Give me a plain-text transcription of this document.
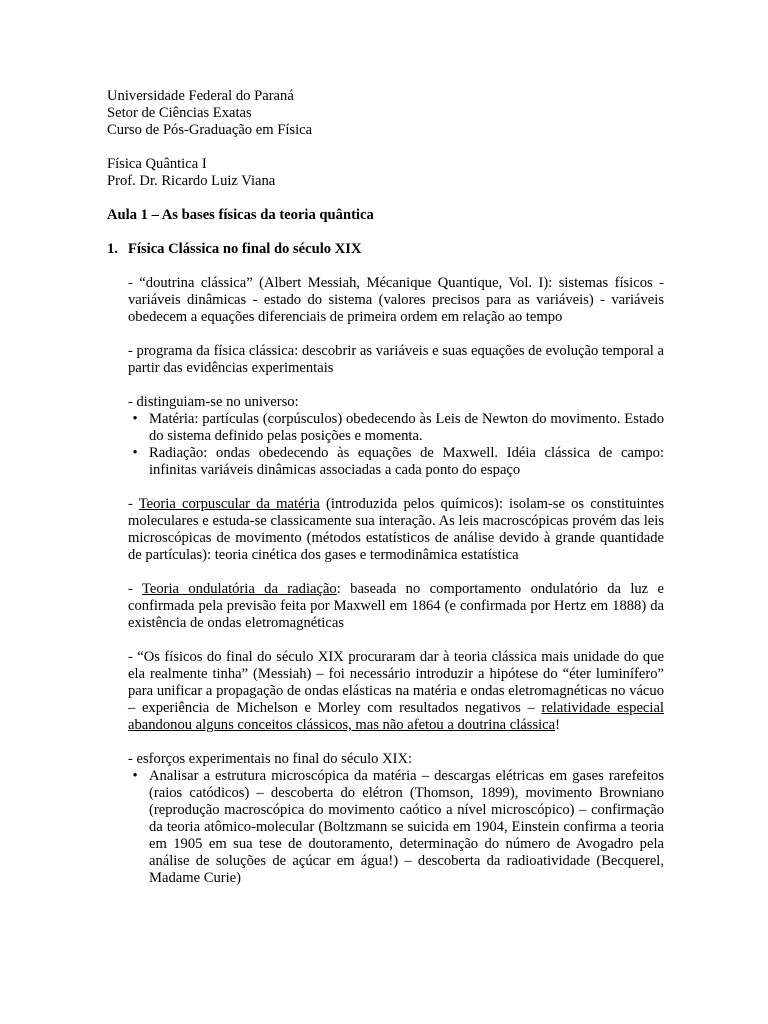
Universidade Federal do Paraná
Setor de Ciências Exatas
Curso de Pós-Graduação em Física
Física Quântica I
Prof. Dr. Ricardo Luiz Viana
Aula 1 – As bases físicas da teoria quântica
1. Física Clássica no final do século XIX

- “doutrina clássica” (Albert Messiah, Mécanique Quantique, Vol. I): sistemas físicos - variáveis dinâmicas - estado do sistema (valores precisos para as variáveis) - variáveis obedecem a equações diferenciais de primeira ordem em relação ao tempo

- programa da física clássica: descobrir as variáveis e suas equações de evolução temporal a partir das evidências experimentais

- distinguiam-se no universo:

• Matéria: partículas (corpúsculos) obedecendo às Leis de Newton do movimento. Estado do sistema definido pelas posições e momenta.
• Radiação: ondas obedecendo às equações de Maxwell. Idéia clássica de campo: infinitas variáveis dinâmicas associadas a cada ponto do espaço

- Teoria corpuscular da matéria (introduzida pelos químicos): isolam-se os constituintes moleculares e estuda-se classicamente sua interação. As leis macroscópicas provém das leis microscópicas de movimento (métodos estatísticos de análise devido à grande quantidade de partículas): teoria cinética dos gases e termodinâmica estatística

- Teoria ondulatória da radiação: baseada no comportamento ondulatório da luz e confirmada pela previsão feita por Maxwell em 1864 (e confirmada por Hertz em 1888) da existência de ondas eletromagnéticas

- “Os físicos do final do século XIX procuraram dar à teoria clássica mais unidade do que ela realmente tinha” (Messiah) – foi necessário introduzir a hipótese do “éter luminífero” para unificar a propagação de ondas elásticas na matéria e ondas eletromagnéticas no vácuo – experiência de Michelson e Morley com resultados negativos – relatividade especial abandonou alguns conceitos clássicos, mas não afetou a doutrina clássica!

- esforços experimentais no final do século XIX:

• Analisar a estrutura microscópica da matéria – descargas elétricas em gases rarefeitos (raios catódicos) – descoberta do elétron (Thomson, 1899), movimento Browniano (reprodução macroscópica do movimento caótico a nível microscópico) – confirmação da teoria atômico-molecular (Boltzmann se suicida em 1904, Einstein confirma a teoria em 1905 em sua tese de doutoramento, determinação do número de Avogadro pela análise de soluções de açúcar em água!) – descoberta da radioatividade (Becquerel, Madame Curie)
